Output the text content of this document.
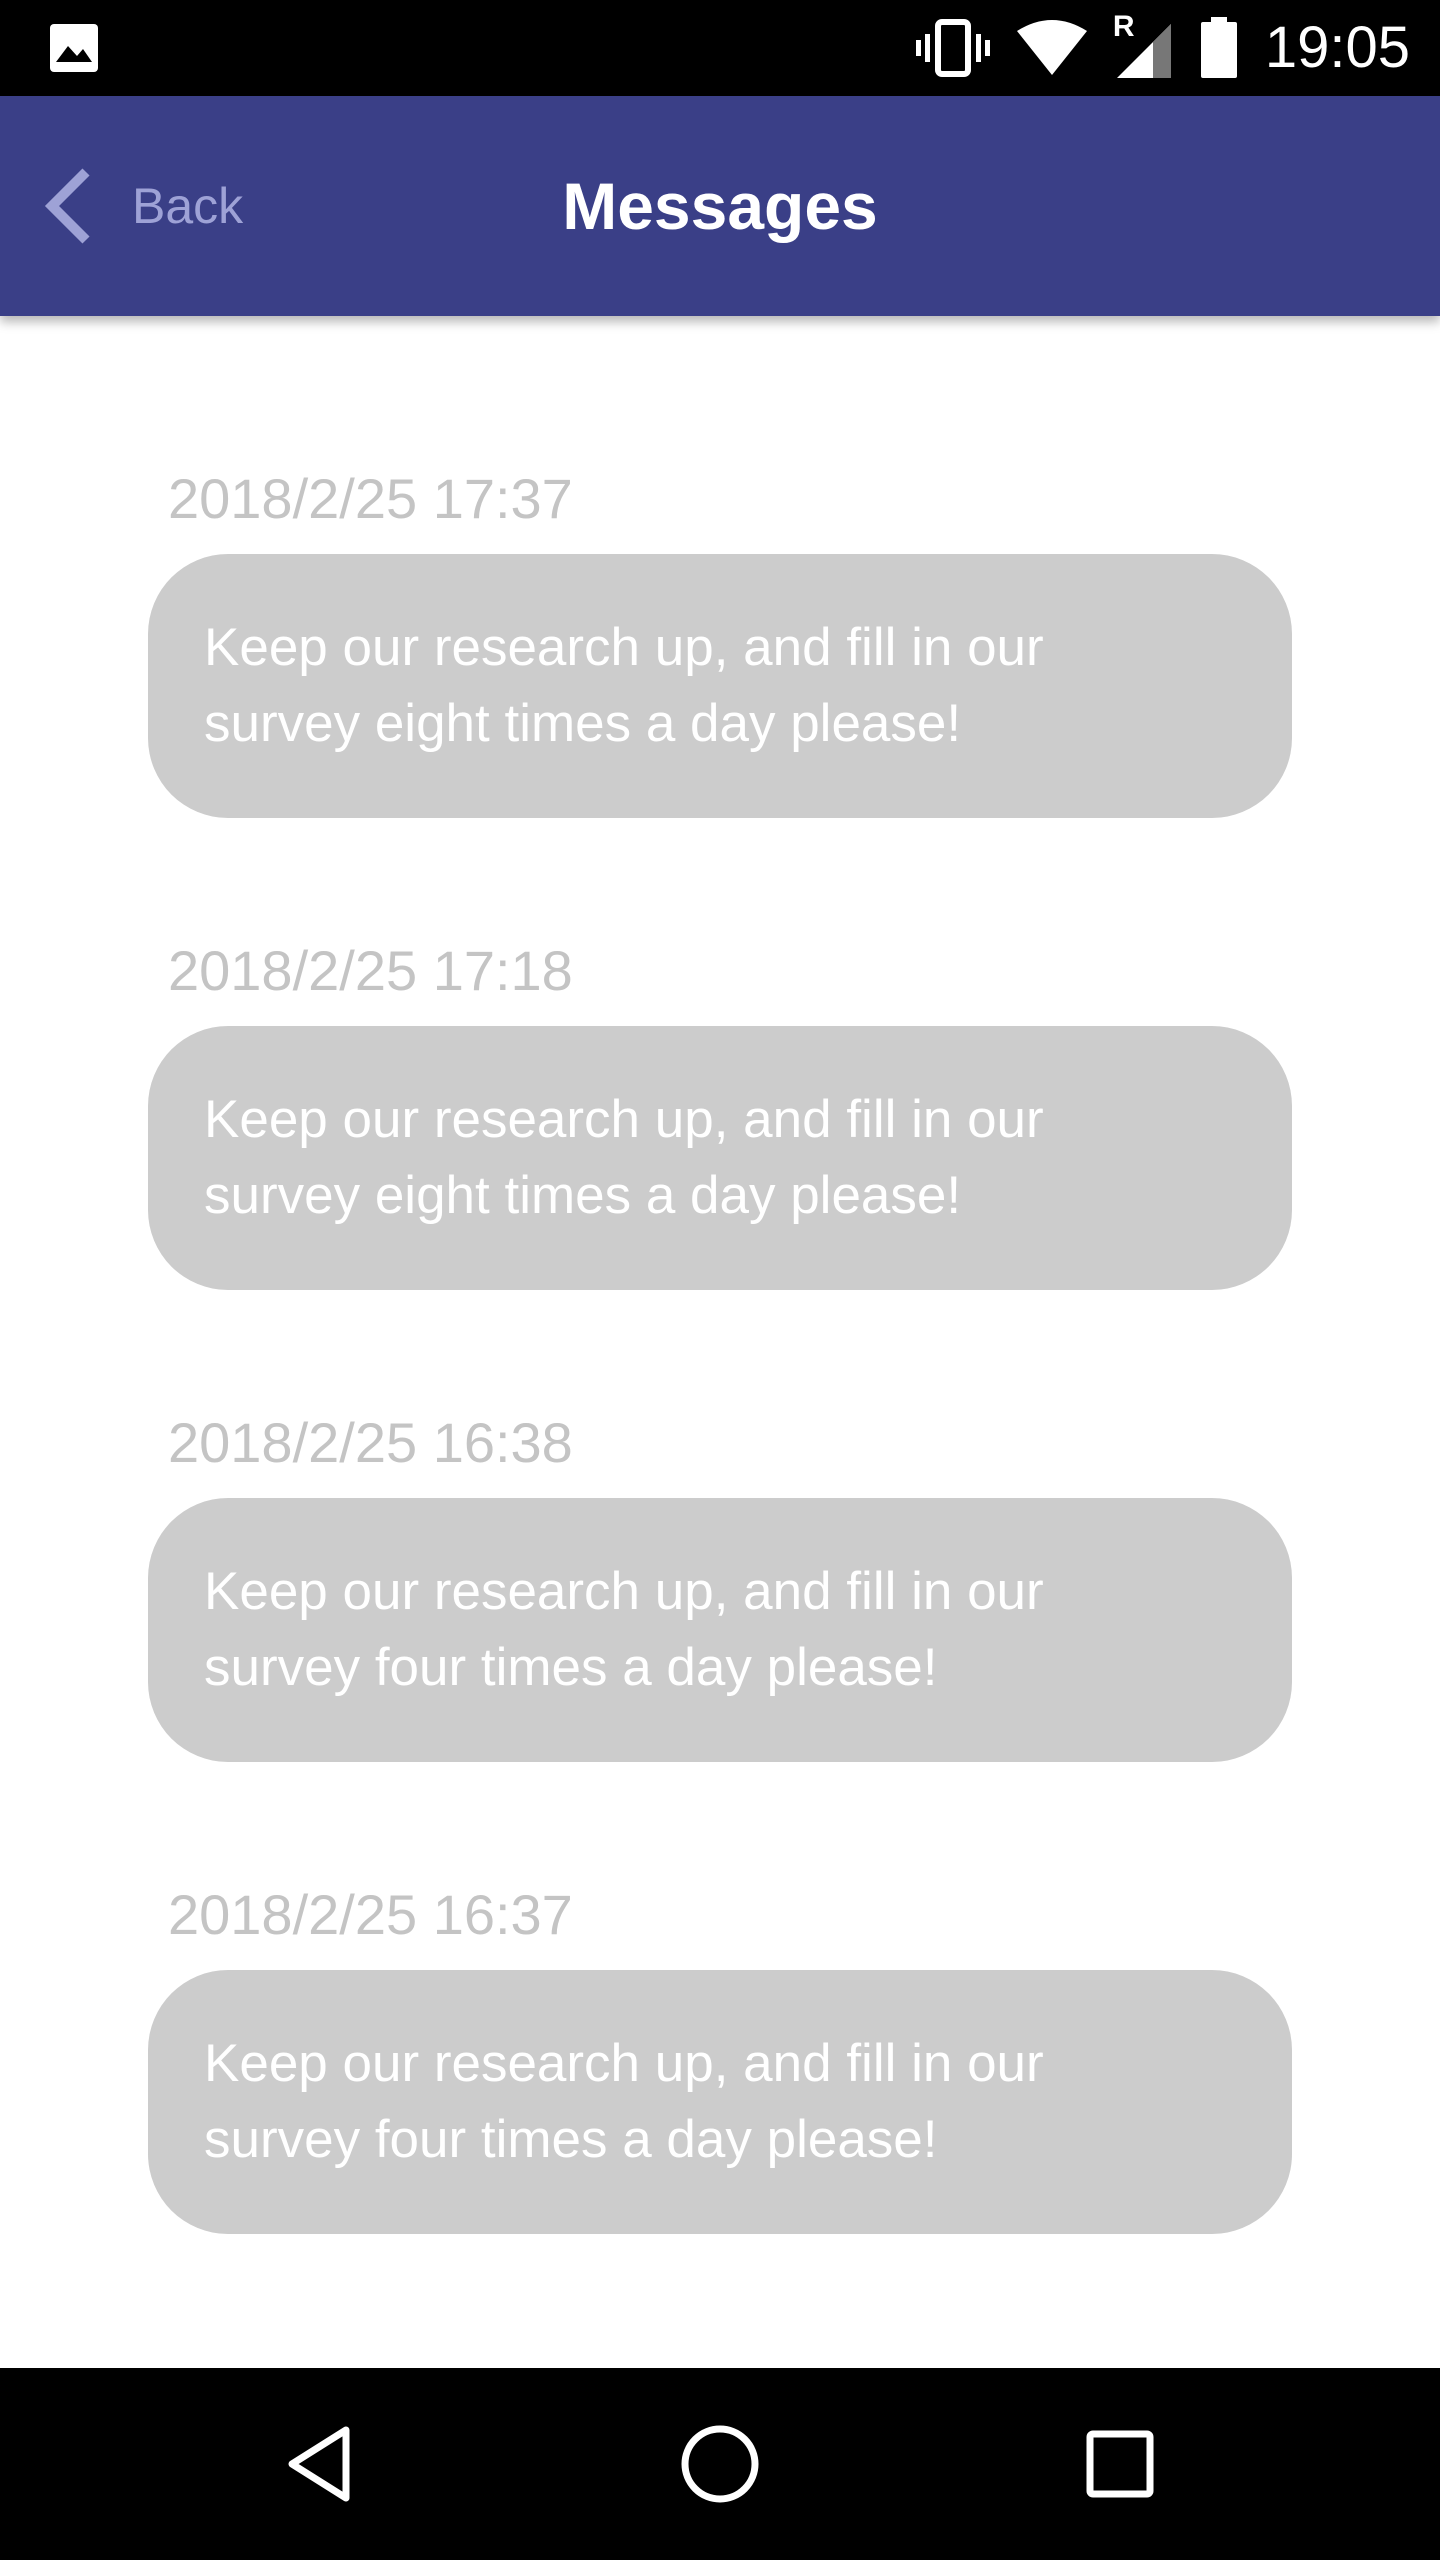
R 19:05
Back	Messages
2018/2/25 17:37
Keep our research up, and fill in our survey eight times a day please!
2018/2/25 17:18
Keep our research up, and fill in our survey eight times a day please!
2018/2/25 16:38
Keep our research up, and fill in our survey four times a day please!
2018/2/25 16:37
Keep our research up, and fill in our survey four times a day please!
